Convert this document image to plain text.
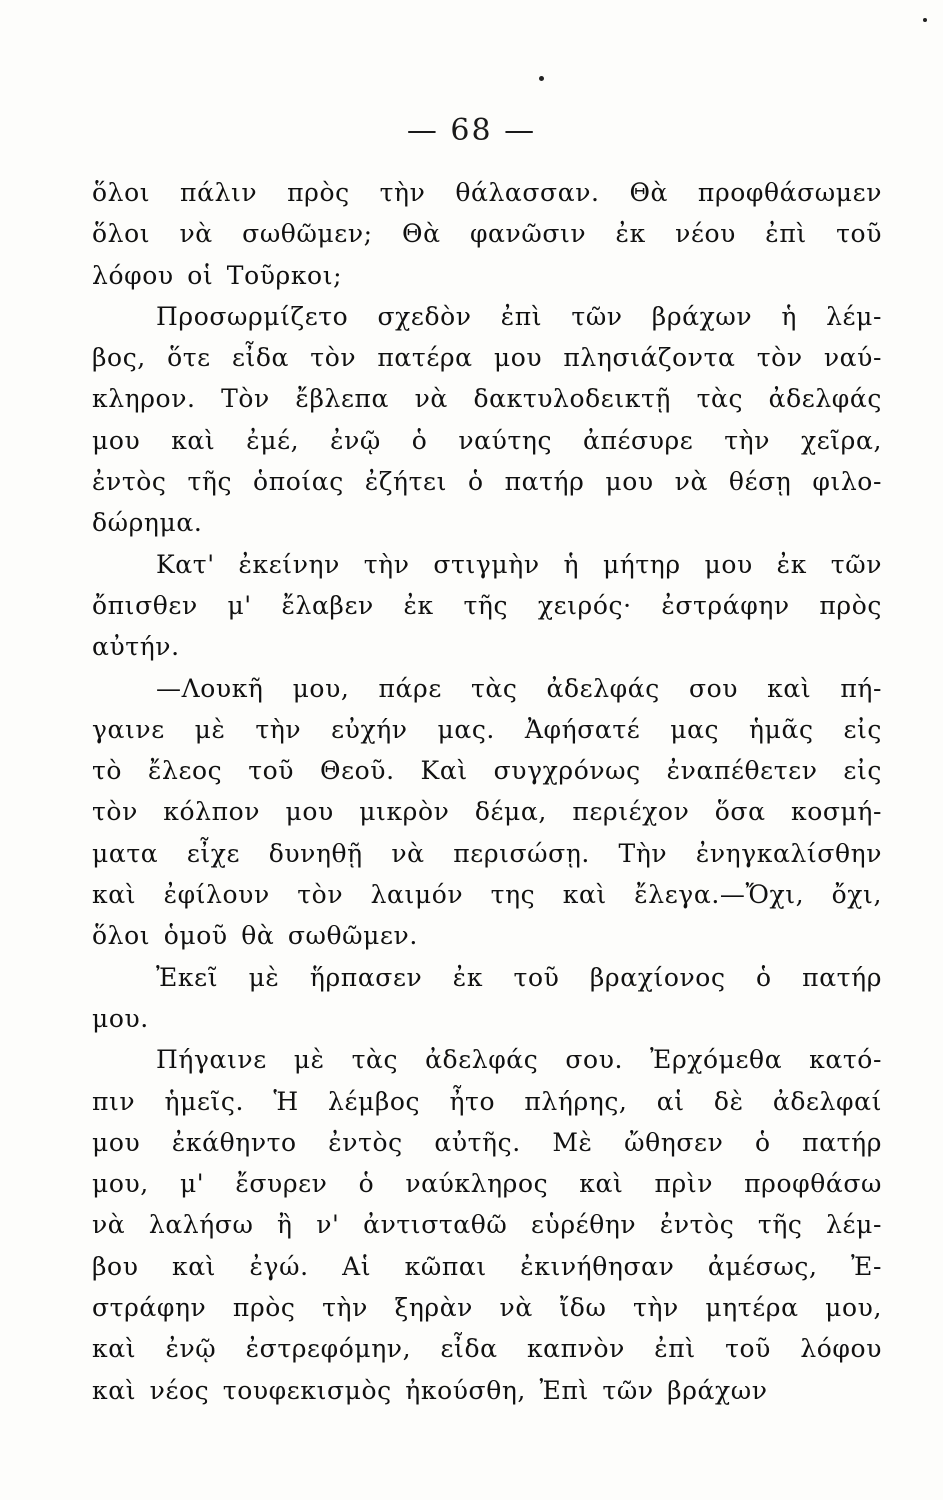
— 68 —
ὅλοι πάλιν πρὸς τὴν θάλασσαν. Θὰ προφθάσωμεν
ὅλοι νὰ σωθῶμεν; Θὰ φανῶσιν ἐκ νέου ἐπὶ τοῦ
λόφου οἱ Τοῦρκοι;
Προσωρμίζετο σχεδὸν ἐπὶ τῶν βράχων ἡ λέμ-
βος, ὅτε εἶδα τὸν πατέρα μου πλησιάζοντα τὸν ναύ-
κληρον. Τὸν ἔβλεπα νὰ δακτυλοδεικτῇ τὰς ἀδελφάς
μου καὶ ἐμέ, ἐνῷ ὁ ναύτης ἀπέσυρε τὴν χεῖρα,
ἐντὸς τῆς ὁποίας ἐζήτει ὁ πατήρ μου νὰ θέσῃ φιλο-
δώρημα.
Κατ' ἐκείνην τὴν στιγμὴν ἡ μήτηρ μου ἐκ τῶν
ὄπισθεν μ' ἔλαβεν ἐκ τῆς χειρός· ἐστράφην πρὸς
αὐτήν.
—Λουκῆ μου, πάρε τὰς ἀδελφάς σου καὶ πή-
γαινε μὲ τὴν εὐχήν μας. Ἀφήσατέ μας ἡμᾶς εἰς
τὸ ἔλεος τοῦ Θεοῦ. Καὶ συγχρόνως ἐναπέθετεν εἰς
τὸν κόλπον μου μικρὸν δέμα, περιέχον ὅσα κοσμή-
ματα εἶχε δυνηθῇ νὰ περισώσῃ. Τὴν ἐνηγκαλίσθην
καὶ ἐφίλουν τὸν λαιμόν της καὶ ἔλεγα.—Ὄχι, ὄχι,
ὅλοι ὁμοῦ θὰ σωθῶμεν.
Ἐκεῖ μὲ ἥρπασεν ἐκ τοῦ βραχίονος ὁ πατήρ
μου.
Πήγαινε μὲ τὰς ἀδελφάς σου. Ἐρχόμεθα κατό-
πιν ἡμεῖς. Ἡ λέμβος ἦτο πλήρης, αἱ δὲ ἀδελφαί
μου ἐκάθηντο ἐντὸς αὐτῆς. Μὲ ὤθησεν ὁ πατήρ
μου, μ' ἔσυρεν ὁ ναύκληρος καὶ πρὶν προφθάσω
νὰ λαλήσω ἢ ν' ἀντισταθῶ εὑρέθην ἐντὸς τῆς λέμ-
βου καὶ ἐγώ. Αἱ κῶπαι ἐκινήθησαν ἀμέσως, Ἐ-
στράφην πρὸς τὴν ξηρὰν νὰ ἴδω τὴν μητέρα μου,
καὶ ἐνῷ ἐστρεφόμην, εἶδα καπνὸν ἐπὶ τοῦ λόφου
καὶ νέος τουφεκισμὸς ἠκούσθη, Ἐπὶ τῶν βράχων
